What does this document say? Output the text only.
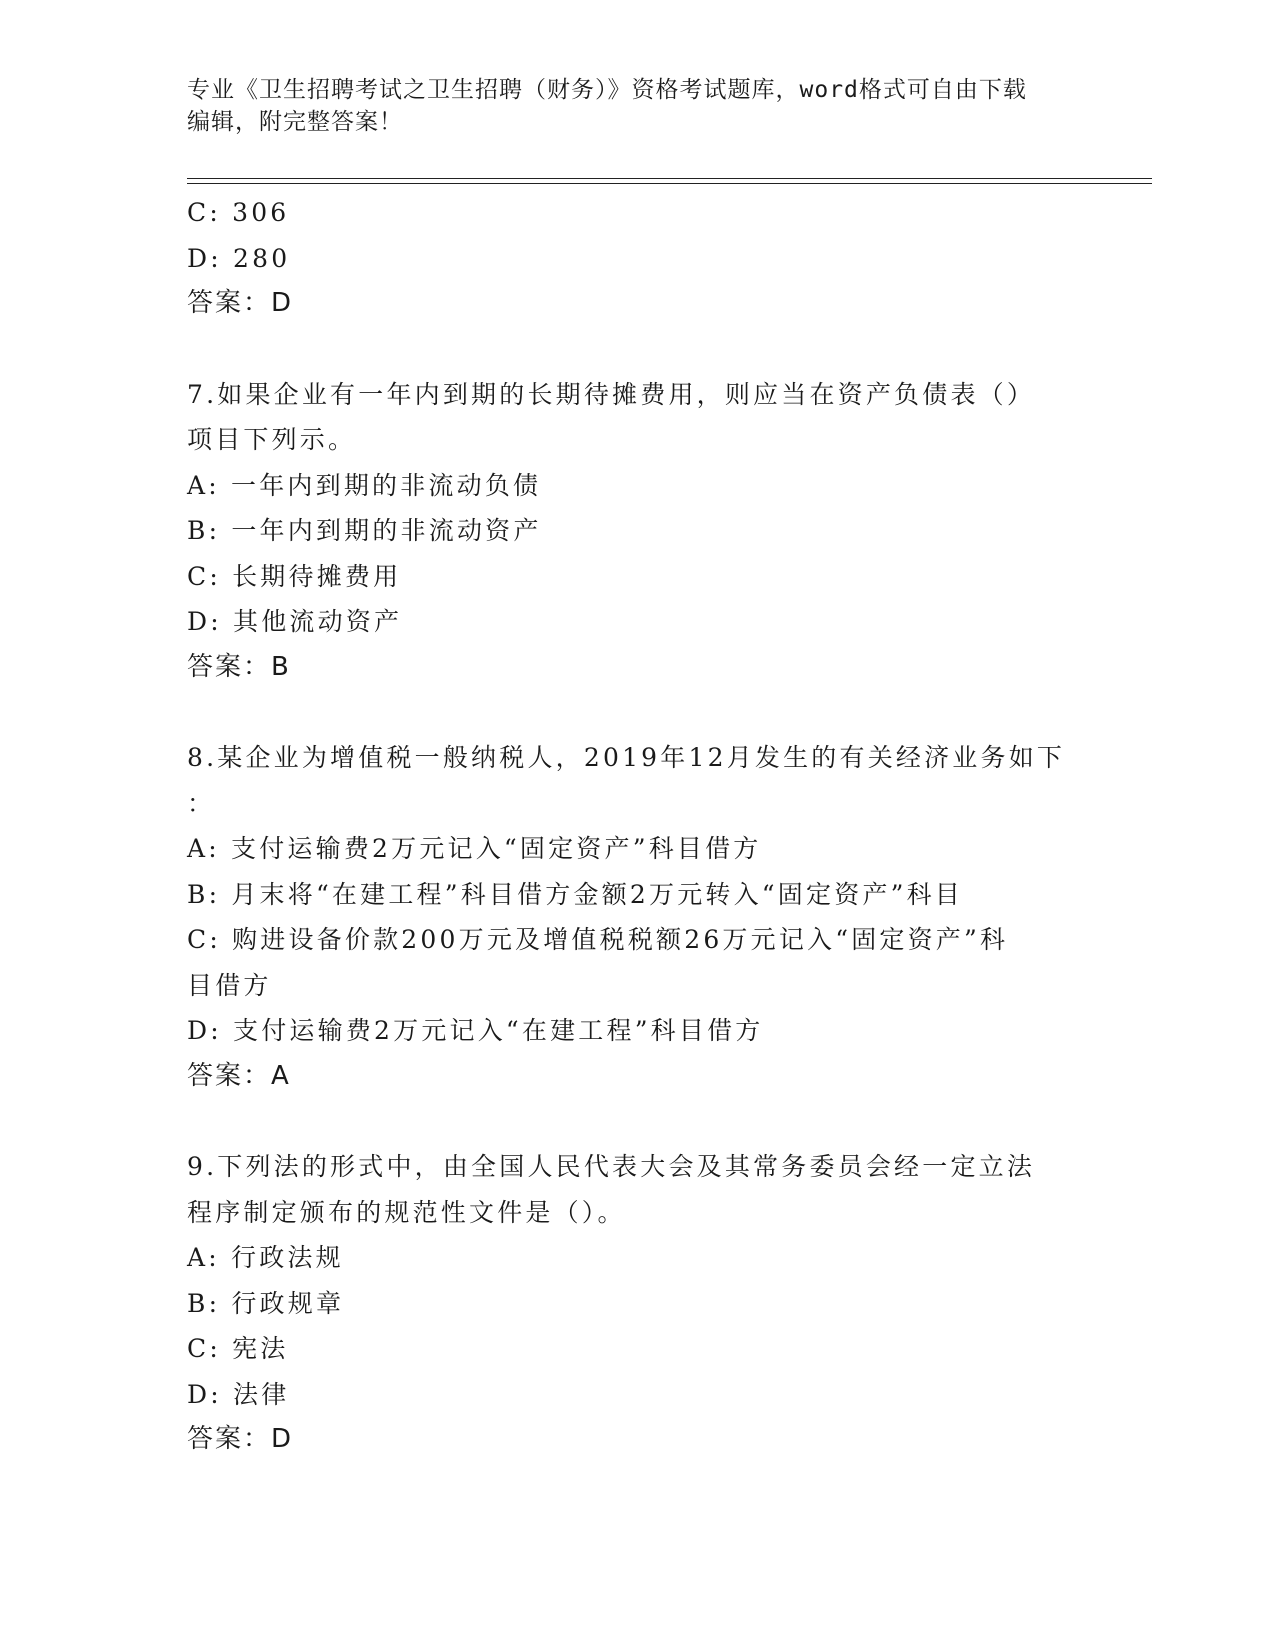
专业《卫生招聘考试之卫生招聘（财务）》资格考试题库，word格式可自由下载
编辑，附完整答案！
C: 306
D: 280
答案：D
7.如果企业有一年内到期的长期待摊费用，则应当在资产负债表（）
项目下列示。
A: 一年内到期的非流动负债
B: 一年内到期的非流动资产
C: 长期待摊费用
D: 其他流动资产
答案：B
8.某企业为增值税一般纳税人，2019年12月发生的有关经济业务如下
：
A: 支付运输费2万元记入“固定资产”科目借方
B: 月末将“在建工程”科目借方金额2万元转入“固定资产”科目
C: 购进设备价款200万元及增值税税额26万元记入“固定资产”科
目借方
D: 支付运输费2万元记入“在建工程”科目借方
答案：A
9.下列法的形式中，由全国人民代表大会及其常务委员会经一定立法
程序制定颁布的规范性文件是（）。
A: 行政法规
B: 行政规章
C: 宪法
D: 法律
答案：D
